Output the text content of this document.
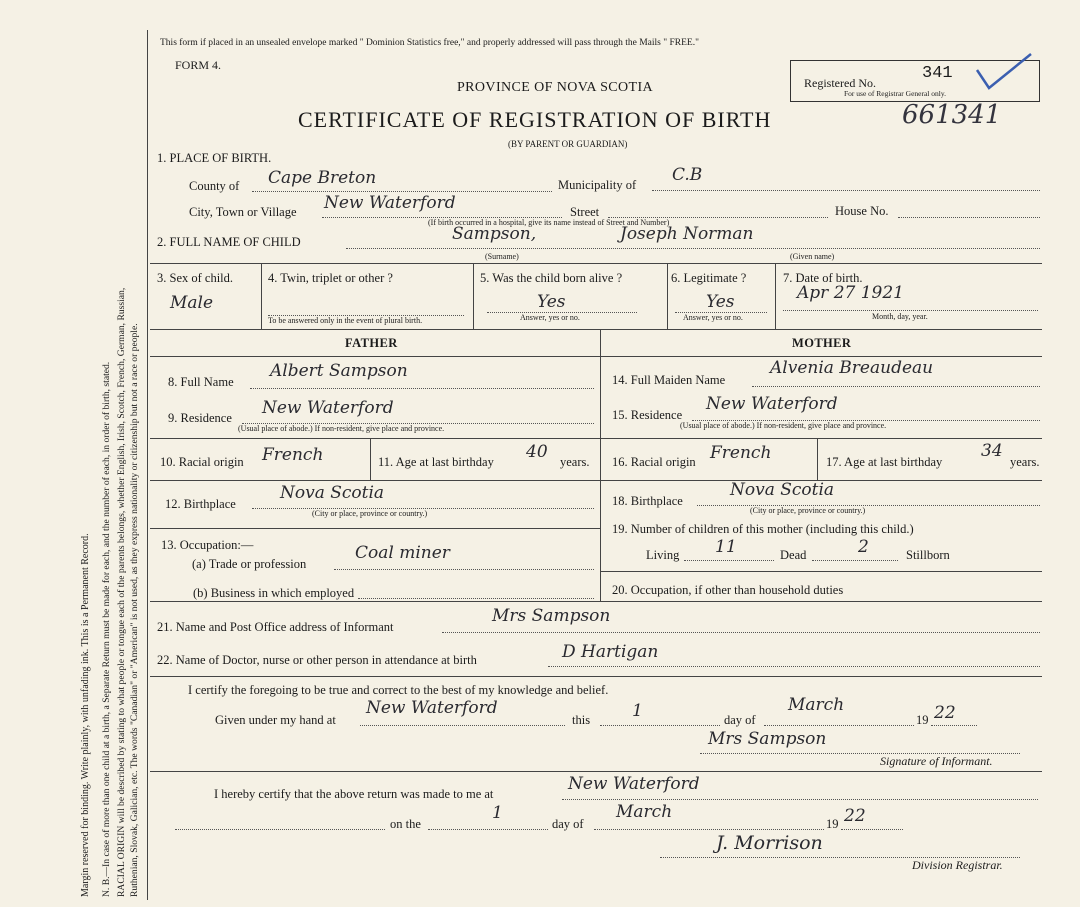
Margin reserved for binding. Write plainly, with unfading ink. This is a Permanent Record. N. B.—In case of more than one child at a birth, a Separate Return must be made for each, and the number of each, in order of birth, stated. RACIAL ORIGIN will be described by stating to what people or tongue each of the parents belongs, whether English, Irish, Scotch, French, German, Russian, Ruthenian, Slovak, Galician, etc. The words "Canadian" or "American" is not used, as they express nationality or citizenship but not a race or people.
This form if placed in an unsealed envelope marked " Dominion Statistics free," and properly addressed will pass through the Mails " FREE."
FORM 4.
PROVINCE OF NOVA SCOTIA
CERTIFICATE OF REGISTRATION OF BIRTH	661341
(BY PARENT OR GUARDIAN)
Registered No.	341
For use of Registrar General only.
1. PLACE OF BIRTH.
County of Cape Breton	Municipality of C.B
City, Town or Village New Waterford	Street	House No.
(If birth occurred in a hospital, give its name instead of Street and Number)
2. FULL NAME OF CHILD	Sampson,	Joseph Norman
(Surname)	(Given name)
3. Sex of child.
Male
4. Twin, triplet or other ?
To be answered only in the event of plural birth.
5. Was the child born alive ?
Yes
Answer, yes or no.
6. Legitimate ?
Yes
Answer, yes or no.
7. Date of birth.
Apr 27 1921
Month, day, year.
FATHER	MOTHER
8. Full Name
Albert Sampson
9. Residence New Waterford
(Usual place of abode.) If non-resident, give place and province.
10. Racial origin French	11. Age at last birthday 40 years.
12. Birthplace
Nova Scotia
(City or place, province or country.)
13. Occupation:—
(a) Trade or profession
Coal miner
(b) Business in which employed
14. Full Maiden Name
Alvenia Breaudeau
15. Residence
New Waterford
(Usual place of abode.) If non-resident, give place and province.
16. Racial origin French	17. Age at last birthday
34
years.
18. Birthplace
Nova Scotia
(City or place, province or country.)
19. Number of children of this mother (including this child.)
Living 11	Dead	2	Stillborn
20. Occupation, if other than household duties
21. Name and Post Office address of Informant
Mrs Sampson
22. Name of Doctor, nurse or other person in attendance at birth	D Hartigan
I certify the foregoing to be true and correct to the best of my knowledge and belief.
Given under my hand at
New Waterford
this 1	day of
March
19 22
Mrs Sampson
Signature of Informant.
I hereby certify that the above return was made to me at	New Waterford
on the
1
day of
March
19 22
J. Morrison
Division Registrar.
